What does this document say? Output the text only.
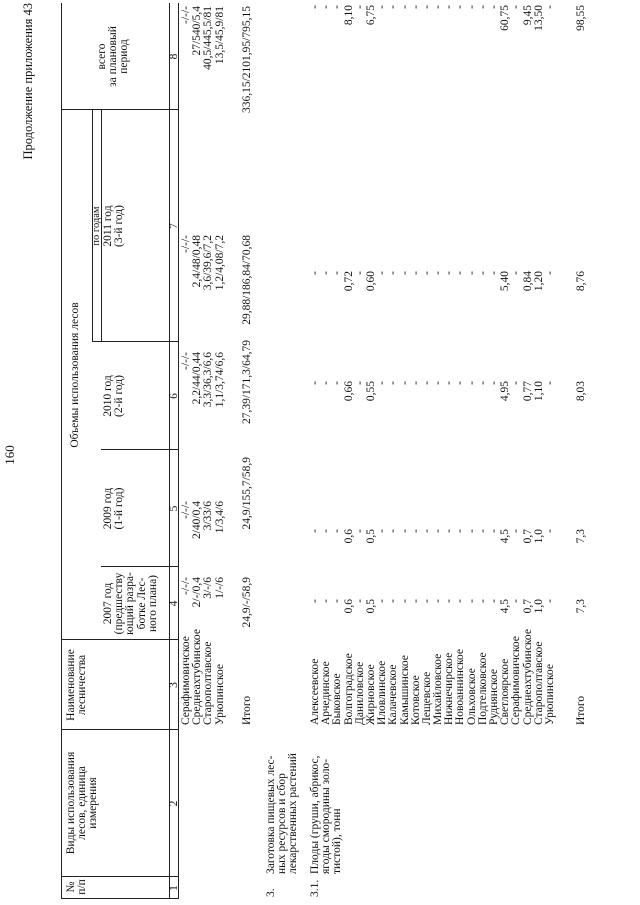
160
Продолжение приложения 43
№
п/п
Виды использования
лесов, единица
измерения
Наименование
лесничества
Объемы использования лесов
по годам
2007 год
(предшеству
ющий разра-
ботке Лес-
ного плана)
2009 год
(1-й год)
2010 год
(2-й год)
2011 год
(3-й год)
всего
за плановый
период
1
2
3
4
5
6
7
8
Серафимовичское Среднеахтубинское Старополтавское Урюпинское
-/-/- 2/-/0,4 3/-/6 1/-/6
-/-/- 2/40/0,4 3/33/6 1/3,4/6
-/-/- 2,2/44/0,44 3,3/36,3/6,6 1,1/3,74/6,6
-/-/- 2,4/48/0,48 3,6/39,6/7,2 1,2/4,08/7,2
-/-/- 27/540/5,4 40,5/445,5/81 13,5/45,9/81
Итого
24,9/-/58,9
24,9/155,7/58,9
27,39/171,3/64,79
29,88/186,84/70,68
336,15/2101,95/795,15
3.
Заготовка пищевых лес-
ных ресурсов и сбор
лекарственных растений
3.1.
Плоды (груши, абрикос,
ягоды смородины золо-
тистой), тонн
Алексеевское Арчединское Быковское Волгоградское Даниловское Жирновское Иловлинское Калачевское Камышинское Котовское Лещевское Михайловское Нижнечирское Новоаннинское Ольховское Подтелковское Руднянское Светлоярское Серафимовичское Среднеахтубинское Старополтавское Урюпинское
- - - 0,6 - 0,5 - - - - - - - - - - - 4,5 - 0,7 1,0 -
- - - 0,6 - 0,5 - - - - - - - - - - - 4,5 - 0,7 1,0 -
- - - 0,66 - 0,55 - - - - - - - - - - - 4,95 - 0,77 1,10 -
- - - 0,72 - 0,60 - - - - - - - - - - - 5,40 - 0,84 1,20 -
- - - 8,10 - 6,75 - - - - - - - - - - - 60,75 - 9,45 13,50 -
Итого
7,3
7,3
8,03
8,76
98,55
